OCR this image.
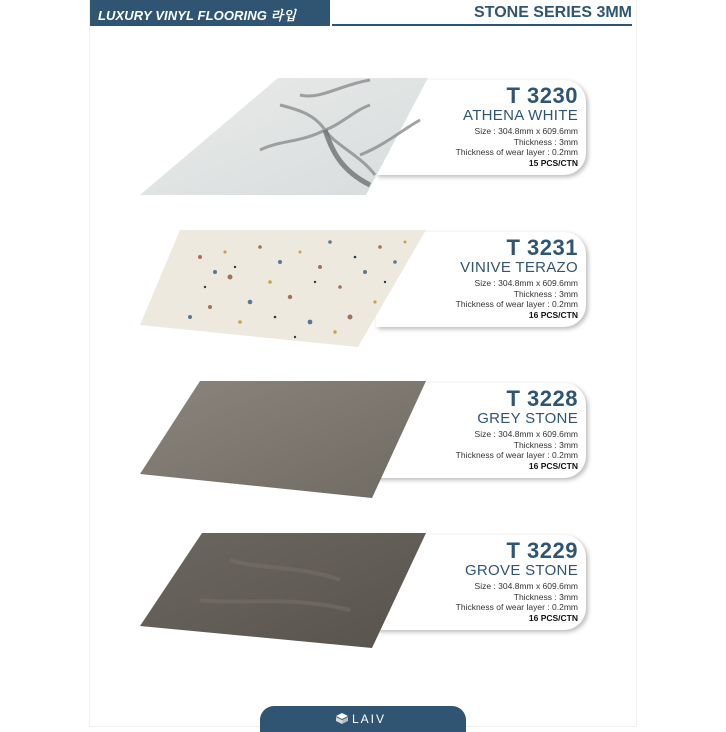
LUXURY VINYL FLOORING 라입	STONE SERIES 3MM
T 3230
ATHENA WHITE
Size : 304.8mm x 609.6mm
Thickness : 3mm
Thickness of wear layer : 0.2mm
15 PCS/CTN
T 3231
VINIVE TERAZO
Size : 304.8mm x 609.6mm
Thickness : 3mm
Thickness of wear layer : 0.2mm
16 PCS/CTN
T 3228
GREY STONE
Size : 304.8mm x 609.6mm
Thickness : 3mm
Thickness of wear layer : 0.2mm
16 PCS/CTN
T 3229
GROVE STONE
Size : 304.8mm x 609.6mm
Thickness : 3mm
Thickness of wear layer : 0.2mm
16 PCS/CTN
LAIV
